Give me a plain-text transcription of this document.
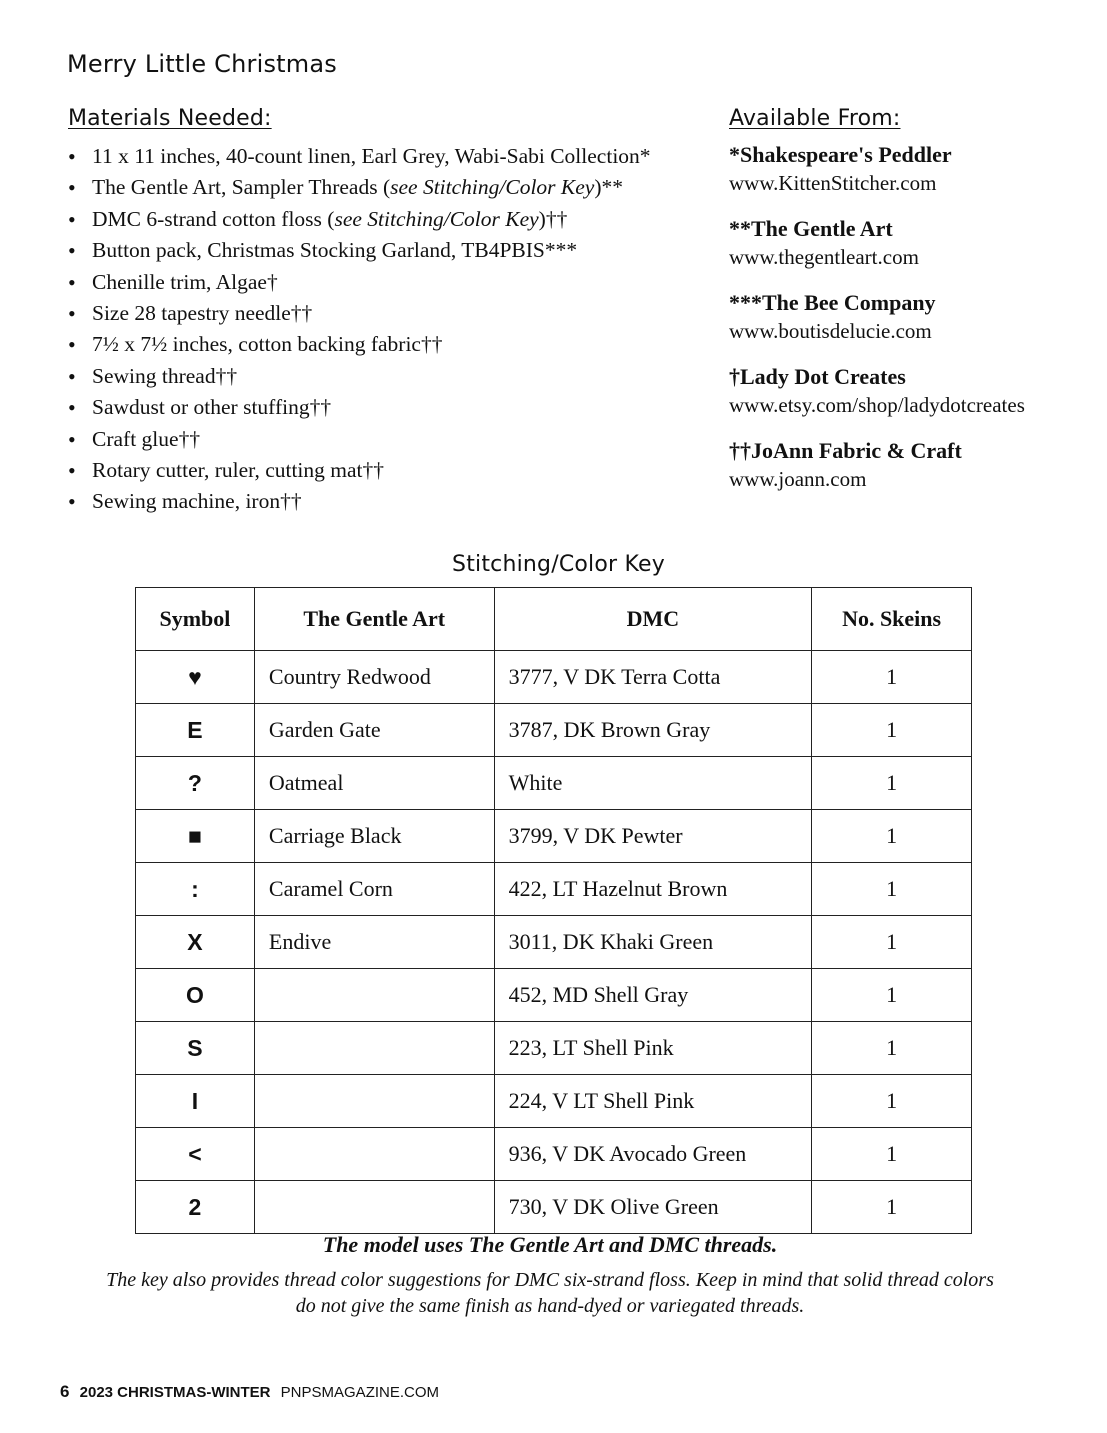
Merry Little Christmas
Materials Needed:
• 11 x 11 inches, 40-count linen, Earl Grey, Wabi-Sabi Collection*
• The Gentle Art, Sampler Threads (see Stitching/Color Key)**
• DMC 6-strand cotton floss (see Stitching/Color Key)††
• Button pack, Christmas Stocking Garland, TB4PBIS***
• Chenille trim, Algae†
• Size 28 tapestry needle††
• 7½ x 7½ inches, cotton backing fabric††
• Sewing thread††
• Sawdust or other stuffing††
• Craft glue††
• Rotary cutter, ruler, cutting mat††
• Sewing machine, iron††
Available From:
*Shakespeare's Peddler
www.KittenStitcher.com
**The Gentle Art
www.thegentleart.com
***The Bee Company
www.boutisdelucie.com
†Lady Dot Creates
www.etsy.com/shop/ladydotcreates
††JoAnn Fabric & Craft
www.joann.com
Stitching/Color Key
Symbol	The Gentle Art	DMC	No. Skeins
♥	Country Redwood	3777, V DK Terra Cotta	1
E	Garden Gate	3787, DK Brown Gray	1
?	Oatmeal	White	1
■	Carriage Black	3799, V DK Pewter	1
:	Caramel Corn	422, LT Hazelnut Brown	1
X	Endive	3011, DK Khaki Green	1
O		452, MD Shell Gray	1
S		223, LT Shell Pink	1
I		224, V LT Shell Pink	1
<		936, V DK Avocado Green	1
2		730, V DK Olive Green	1

The model uses The Gentle Art and DMC threads.

The key also provides thread color suggestions for DMC six-strand floss. Keep in mind that solid thread colors do not give the same finish as hand-dyed or variegated threads.

6 2023 CHRISTMAS-WINTER PNPSMAGAZINE.COM
